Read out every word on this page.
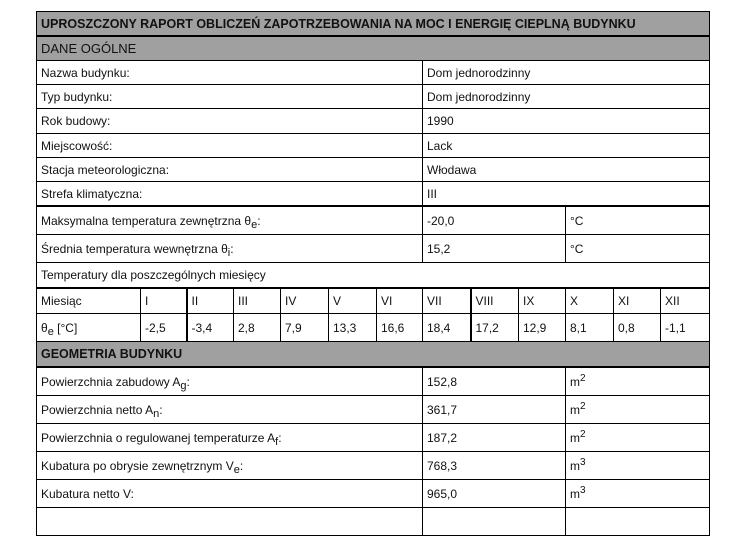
UPROSZCZONY RAPORT OBLICZEŃ ZAPOTRZEBOWANIA NA MOC I ENERGIĘ CIEPLNĄ BUDYNKU												
DANE OGÓLNE												
Nazwa budynku:							Dom jednorodzinny					
Typ budynku:							Dom jednorodzinny					
Rok budowy:							1990					
Miejscowość:							Lack					
Stacja meteorologiczna:							Włodawa					
Strefa klimatyczna:							III					
Maksymalna temperatura zewnętrzna $\theta_e$:							-20,0			°C		
Średnia temperatura wewnętrzna $\theta_i$:							15,2			°C		
Temperatury dla poszczególnych miesięcy												
Miesiąc	I	II	III	IV	V	VI	VII	VIII	IX	X	XI	XII
$\theta_e$ [°C]	-2,5	-3,4	2,8	7,9	13,3	16,6	18,4	17,2	12,9	8,1	0,8	-1,1
GEOMETRIA BUDYNKU												
Powierzchnia zabudowy $A_g$:							152,8			$m^2$
Powierzchnia netto $A_n$:							361,7			$m^2$
Powierzchnia o regulowanej temperaturze $A_f$:							187,2			$m^2$
Kubatura po obrysie zewnętrznym $V_e$:							768,3			$m^3$
Kubatura netto V:							965,0			$m^3$
